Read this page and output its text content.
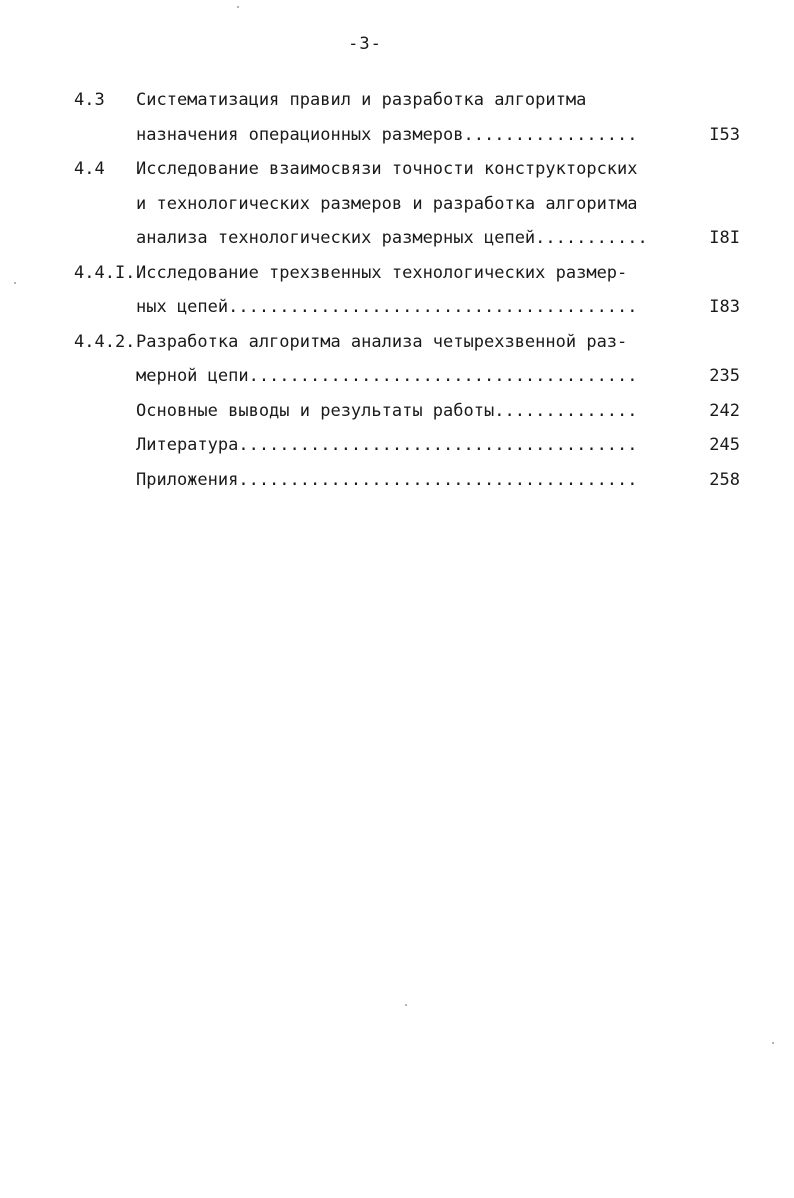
-3-
4.3 Систематизация правил и разработка алгоритма
назначения операционных размеров.................	I53
4.4 Исследование взаимосвязи точности конструкторских
и технологических размеров и разработка алгоритма
анализа технологических размерных цепей...........	I8I
4.4.I. Исследование трехзвенных технологических размер-
ных цепей........................................	I83
4.4.2. Разработка алгоритма анализа четырехзвенной раз-
мерной цепи......................................	235
Основные выводы и результаты работы..............	242
Литература.......................................	245
Приложения.......................................	258
